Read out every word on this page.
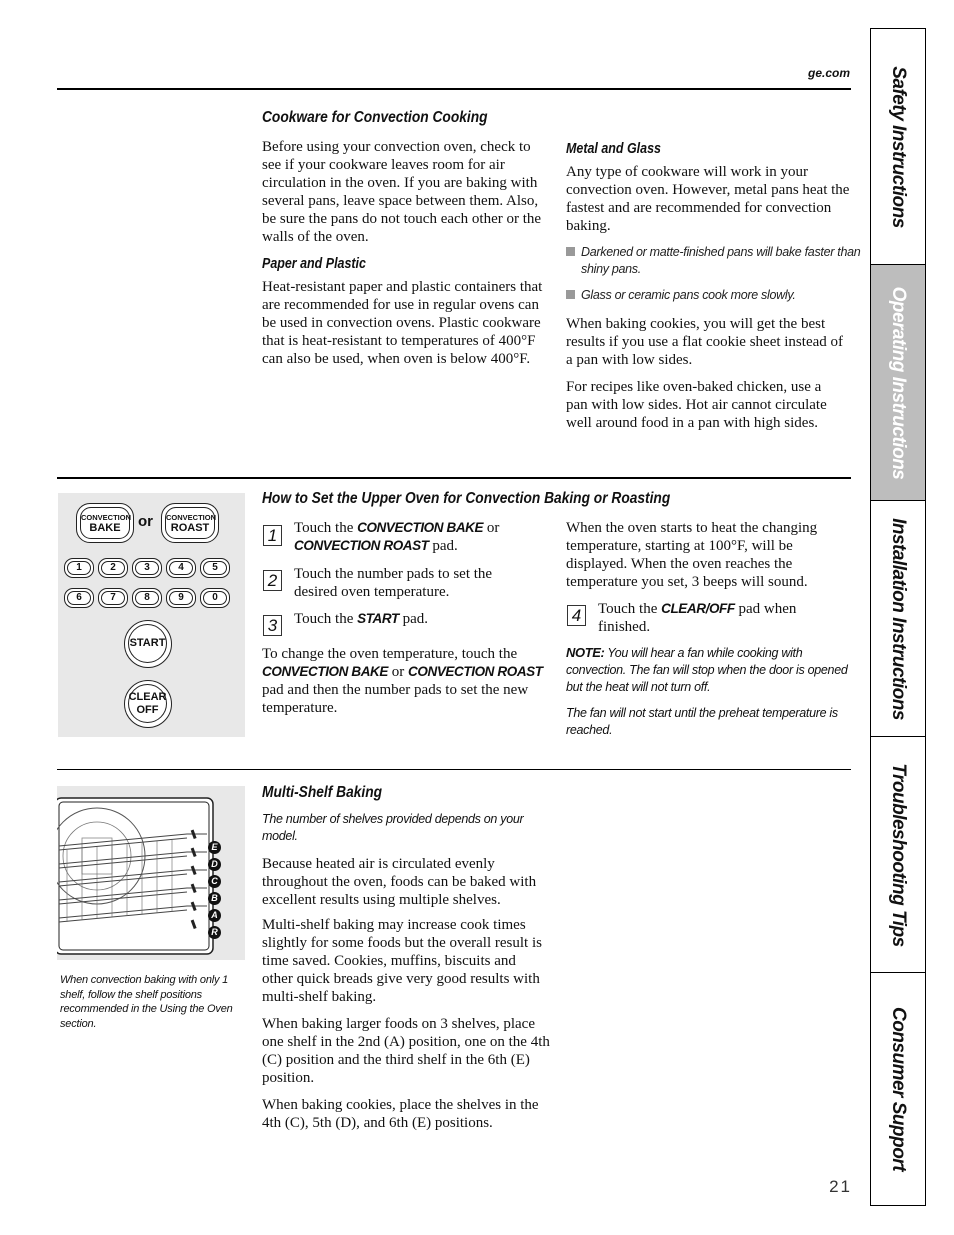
ge.com Safety Instructions
Operating Instructions
Installation Instructions
Troubleshooting Tips
Consumer Support
Cookware for Convection Cooking

Before using your convection oven, check to see if your cookware leaves room for air circulation in the oven. If you are baking with several pans, leave space between them. Also, be sure the pans do not touch each other or the walls of the oven.

Paper and Plastic

Heat-resistant paper and plastic containers that are recommended for use in regular ovens can be used in convection ovens. Plastic cookware that is heat-resistant to temperatures of 400°F can also be used, when oven is below 400°F.

Metal and Glass

Any type of cookware will work in your convection oven. However, metal pans heat the fastest and are recommended for convection baking.

Darkened or matte-finished pans will bake faster than shiny pans.
Glass or ceramic pans cook more slowly.

When baking cookies, you will get the best results if you use a flat cookie sheet instead of a pan with low sides.

For recipes like oven-baked chicken, use a pan with low sides. Hot air cannot circulate well around food in a pan with high sides.

CONVECTION
BAKE	or CONVECTION
ROAST
1	2	3	4	5
6	7	8	9	0
START
CLEAR
OFF
How to Set the Upper Oven for Convection Baking or Roasting
1	Touch the CONVECTION BAKE or
CONVECTION ROAST pad.

2	Touch the number pads to set the desired oven temperature.

3	Touch the START pad.

To change the oven temperature, touch the CONVECTION BAKE or CONVECTION ROAST pad and then the number pads to set the new temperature.

When the oven starts to heat the changing temperature, starting at 100°F, will be displayed. When the oven reaches the temperature you set, 3 beeps will sound.

4	Touch the CLEAR/OFF pad when finished.

NOTE: You will hear a fan while cooking with convection. The fan will stop when the door is opened but the heat will not turn off.

The fan will not start until the preheat temperature is reached.

E
D
C
B
A
R

When convection baking with only 1 shelf, follow the shelf positions recommended in the Using the Oven section.

Multi-Shelf Baking

The number of shelves provided depends on your model.

Because heated air is circulated evenly throughout the oven, foods can be baked with excellent results using multiple shelves.

Multi-shelf baking may increase cook times slightly for some foods but the overall result is time saved. Cookies, muffins, biscuits and other quick breads give very good results with multi-shelf baking.

When baking larger foods on 3 shelves, place one shelf in the 2nd (A) position, one on the 4th (C) position and the third shelf in the 6th (E) position.

When baking cookies, place the shelves in the 4th (C), 5th (D), and 6th (E) positions.

21
